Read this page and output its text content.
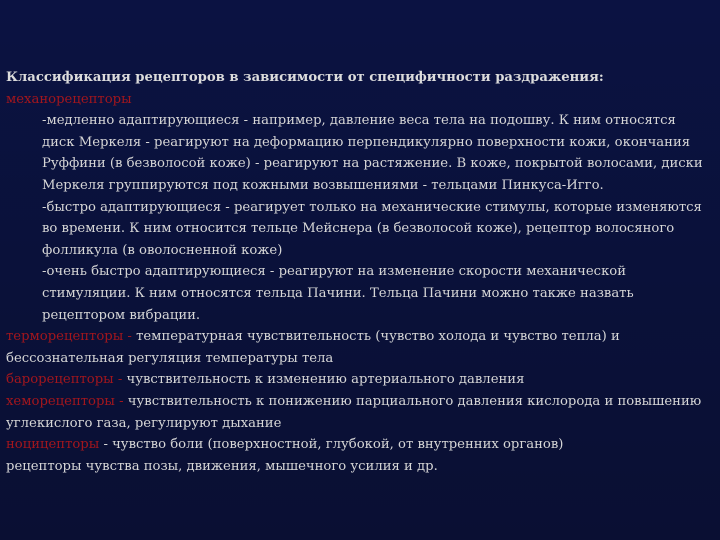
Классификация рецепторов в зависимости от специфичности раздражения:

механорецепторы

-медленно адаптирующиеся - например, давление веса тела на подошву. К ним относятся диск Меркеля - реагируют на деформацию перпендикулярно поверхности кожи, окончания Руффини (в безволосой коже) - реагируют на растяжение. В коже, покрытой волосами, диски Меркеля группируются под кожными возвышениями - тельцами Пинкуса-Игго.

-быстро адаптирующиеся - реагирует только на механические стимулы, которые изменяются во времени. К ним относится тельце Мейснера (в безволосой коже), рецептор волосяного фолликула (в оволосненной коже)

-очень быстро адаптирующиеся - реагируют на изменение скорости механической стимуляции. К ним относятся тельца Пачини. Тельца Пачини можно также назвать рецептором вибрации.

терморецепторы - температурная чувствительность (чувство холода и чувство тепла) и бессознательная регуляция температуры тела

барорецепторы - чувствительность к изменению артериального давления

хеморецепторы - чувствительность к понижению парциального давления кислорода и повышению углекислого газа, регулируют дыхание

ноцицепторы - чувство боли (поверхностной, глубокой, от внутренних органов)

рецепторы чувства позы, движения, мышечного усилия и др.
